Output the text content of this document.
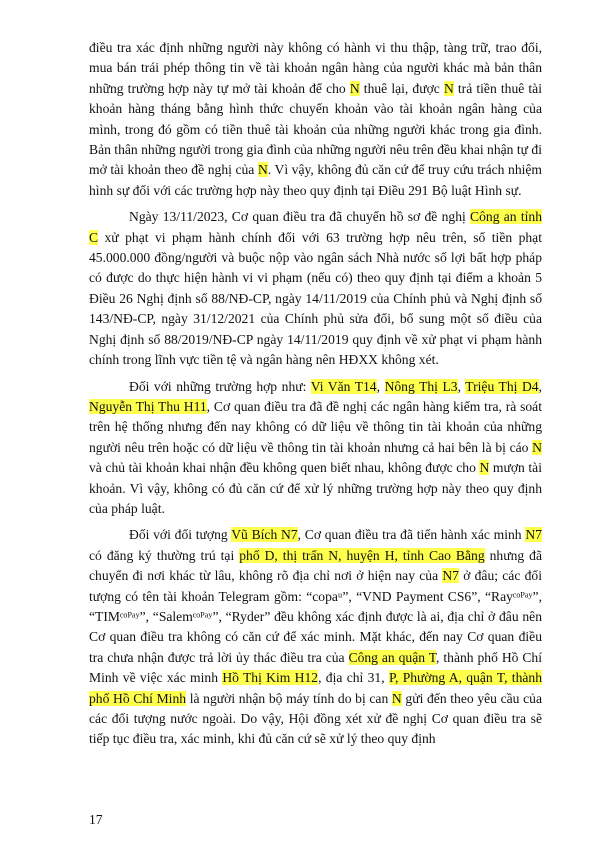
điều tra xác định những người này không có hành vi thu thập, tàng trữ, trao đổi, mua bán trái phép thông tin về tài khoản ngân hàng của người khác mà bản thân những trường hợp này tự mở tài khoản để cho N thuê lại, được N trả tiền thuê tài khoản hàng tháng bằng hình thức chuyển khoản vào tài khoản ngân hàng của mình, trong đó gồm có tiền thuê tài khoản của những người khác trong gia đình. Bản thân những người trong gia đình của những người nêu trên đều khai nhận tự đi mở tài khoản theo đề nghị của N. Vì vậy, không đủ căn cứ để truy cứu trách nhiệm hình sự đối với các trường hợp này theo quy định tại Điều 291 Bộ luật Hình sự.

Ngày 13/11/2023, Cơ quan điều tra đã chuyển hồ sơ đề nghị Công an tỉnh C xử phạt vi phạm hành chính đối với 63 trường hợp nêu trên, số tiền phạt 45.000.000 đồng/người và buộc nộp vào ngân sách Nhà nước số lợi bất hợp pháp có được do thực hiện hành vi vi phạm (nếu có) theo quy định tại điểm a khoản 5 Điều 26 Nghị định số 88/NĐ-CP, ngày 14/11/2019 của Chính phủ và Nghị định số 143/NĐ-CP, ngày 31/12/2021 của Chính phủ sửa đổi, bổ sung một số điều của Nghị định số 88/2019/NĐ-CP ngày 14/11/2019 quy định về xử phạt vi phạm hành chính trong lĩnh vực tiền tệ và ngân hàng nên HĐXX không xét.

Đối với những trường hợp như: Vi Văn T14, Nông Thị L3, Triệu Thị D4, Nguyễn Thị Thu H11, Cơ quan điều tra đã đề nghị các ngân hàng kiểm tra, rà soát trên hệ thống nhưng đến nay không có dữ liệu về thông tin tài khoản của những người nêu trên hoặc có dữ liệu về thông tin tài khoản nhưng cả hai bên là bị cáo N và chủ tài khoản khai nhận đều không quen biết nhau, không được cho N mượn tài khoản. Vì vậy, không có đủ căn cứ để xử lý những trường hợp này theo quy định của pháp luật.

Đối với đối tượng Vũ Bích N7, Cơ quan điều tra đã tiến hành xác minh N7 có đăng ký thường trú tại phố D, thị trấn N, huyện H, tỉnh Cao Bằng nhưng đã chuyển đi nơi khác từ lâu, không rõ địa chỉ nơi ở hiện nay của N7 ở đâu; các đối tượng có tên tài khoản Telegram gồm: “copaᵘ”, “VND Payment CS6”, “Rayᶜᵒᴾᵃʸ”, “TIMᶜᵒᴾᵃʸ”, “Salemᶜᵒᴾᵃʸ”, “Ryder” đều không xác định được là ai, địa chỉ ở đâu nên Cơ quan điều tra không có căn cứ để xác minh. Mặt khác, đến nay Cơ quan điều tra chưa nhận được trả lời ủy thác điều tra của Công an quận T, thành phố Hồ Chí Minh về việc xác minh Hồ Thị Kim H12, địa chỉ 31, P, Phường A, quận T, thành phố Hồ Chí Minh là người nhận bộ máy tính do bị can N gửi đến theo yêu cầu của các đối tượng nước ngoài. Do vậy, Hội đồng xét xử đề nghị Cơ quan điều tra sẽ tiếp tục điều tra, xác minh, khi đủ căn cứ sẽ xử lý theo quy định

17
